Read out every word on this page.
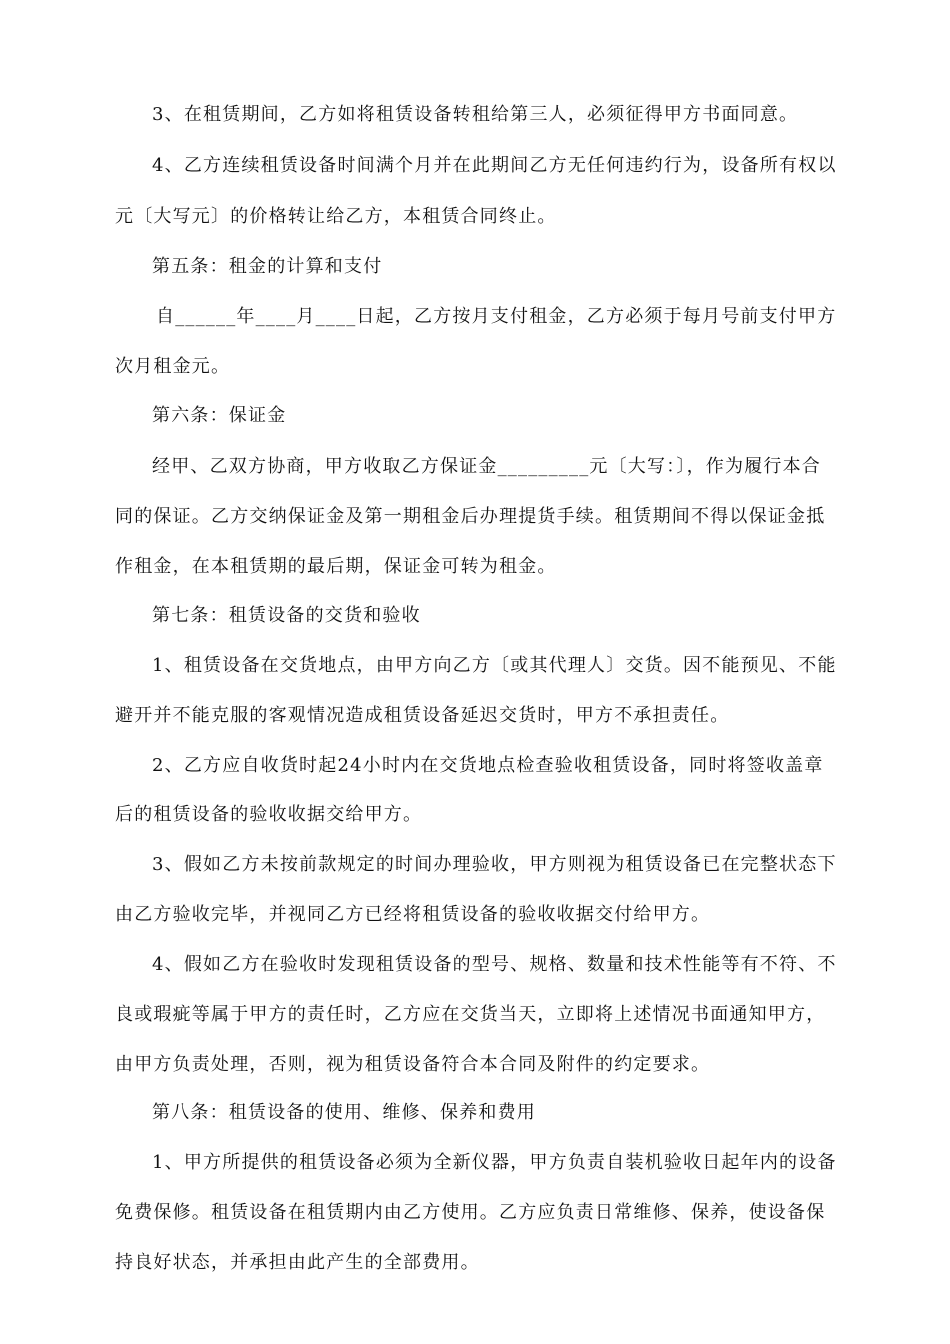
3、在租赁期间，乙方如将租赁设备转租给第三人，必须征得甲方书面同意。
4、乙方连续租赁设备时间满个月并在此期间乙方无任何违约行为，设备所有权以
元〔大写元〕的价格转让给乙方，本租赁合同终止。
第五条：租金的计算和支付
自______年____月____日起，乙方按月支付租金，乙方必须于每月号前支付甲方
次月租金元。
第六条：保证金
经甲、乙双方协商，甲方收取乙方保证金_________元〔大写：〕，作为履行本合
同的保证。乙方交纳保证金及第一期租金后办理提货手续。租赁期间不得以保证金抵
作租金，在本租赁期的最后期，保证金可转为租金。
第七条：租赁设备的交货和验收
1、租赁设备在交货地点，由甲方向乙方〔或其代理人〕交货。因不能预见、不能
避开并不能克服的客观情况造成租赁设备延迟交货时，甲方不承担责任。
2、乙方应自收货时起24小时内在交货地点检查验收租赁设备，同时将签收盖章
后的租赁设备的验收收据交给甲方。
3、假如乙方未按前款规定的时间办理验收，甲方则视为租赁设备已在完整状态下
由乙方验收完毕，并视同乙方已经将租赁设备的验收收据交付给甲方。
4、假如乙方在验收时发现租赁设备的型号、规格、数量和技术性能等有不符、不
良或瑕疵等属于甲方的责任时，乙方应在交货当天，立即将上述情况书面通知甲方，
由甲方负责处理，否则，视为租赁设备符合本合同及附件的约定要求。
第八条：租赁设备的使用、维修、保养和费用
1、甲方所提供的租赁设备必须为全新仪器，甲方负责自装机验收日起年内的设备
免费保修。租赁设备在租赁期内由乙方使用。乙方应负责日常维修、保养，使设备保
持良好状态，并承担由此产生的全部费用。
